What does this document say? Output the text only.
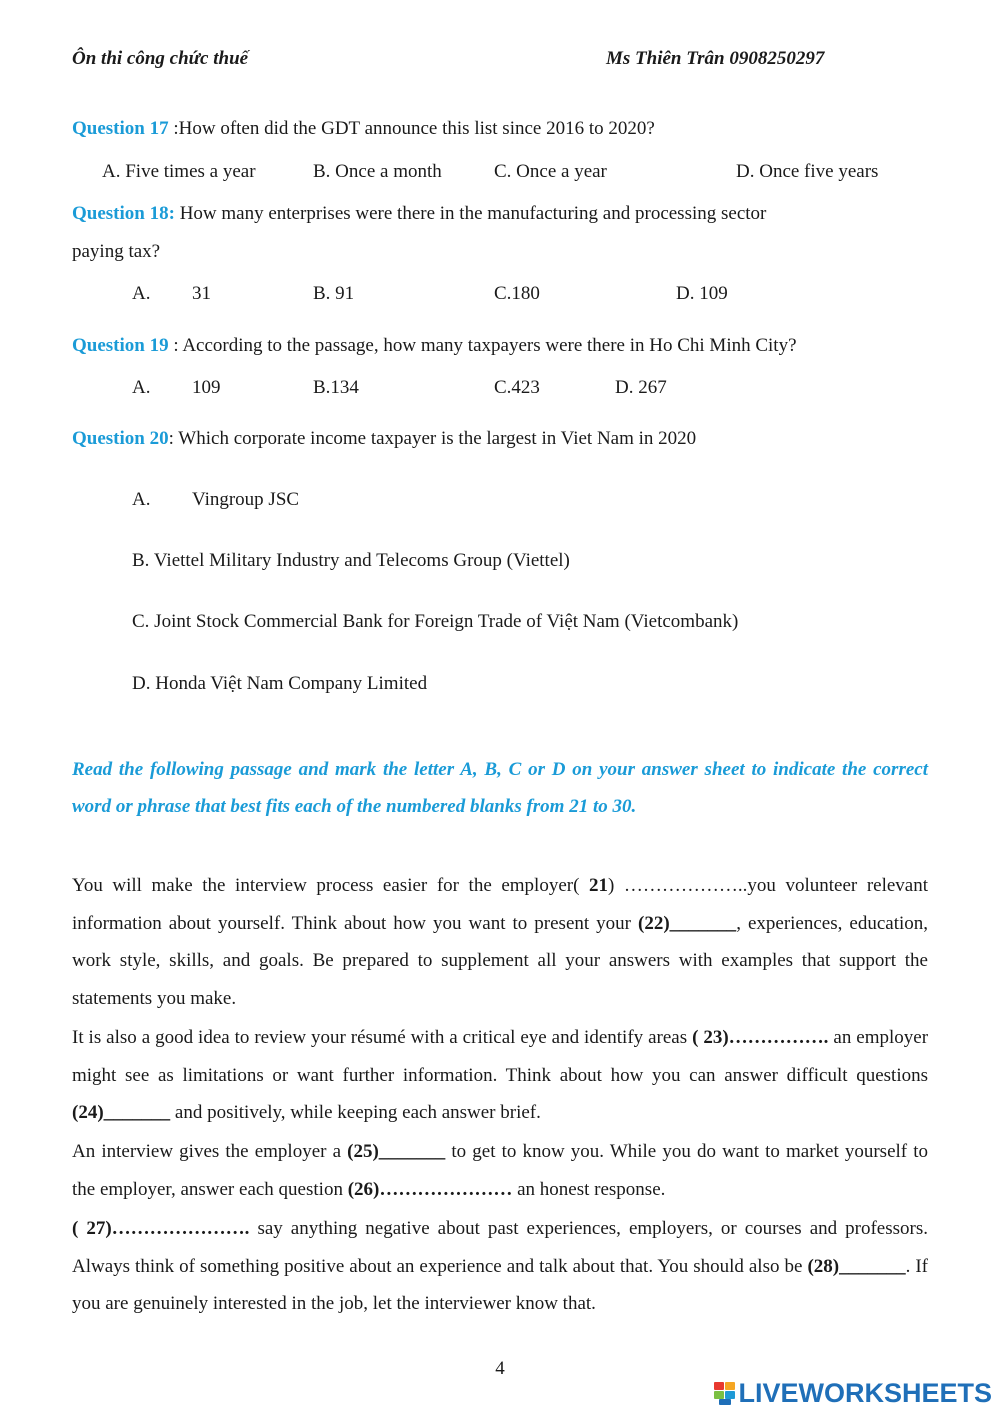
Ôn thi công chức thuế	Ms Thiên Trân 0908250297
Question 17 :How often did the GDT announce this list since 2016 to 2020?
A. Five times a year	B. Once a month	C. Once a year	D. Once five years
Question 18: How many enterprises were there in the manufacturing and processing sector
paying tax?
A. 31	B. 91	C.180	D. 109
Question 19 : According to the passage, how many taxpayers were there in Ho Chi Minh City?
A. 109	B.134	C.423	D. 267
Question 20: Which corporate income taxpayer is the largest in Viet Nam in 2020
A. Vingroup JSC
B. Viettel Military Industry and Telecoms Group (Viettel)
C. Joint Stock Commercial Bank for Foreign Trade of Việt Nam (Vietcombank)
D. Honda Việt Nam Company Limited
Read the following passage and mark the letter A, B, C or D on your answer sheet to indicate the correct word or phrase that best fits each of the numbered blanks from 21 to 30.
You will make the interview process easier for the employer( 21) ………………..you volunteer relevant information about yourself. Think about how you want to present your (22)_______, experiences, education, work style, skills, and goals. Be prepared to supplement all your answers with examples that support the statements you make.
It is also a good idea to review your résumé with a critical eye and identify areas ( 23)……………. an employer might see as limitations or want further information. Think about how you can answer difficult questions (24)_______ and positively, while keeping each answer brief.
An interview gives the employer a (25)_______ to get to know you. While you do want to market yourself to the employer, answer each question (26)………………… an honest response.
( 27)…………………. say anything negative about past experiences, employers, or courses and professors. Always think of something positive about an experience and talk about that. You should also be (28)_______. If you are genuinely interested in the job, let the interviewer know that.
4
LIVEWORKSHEETS
